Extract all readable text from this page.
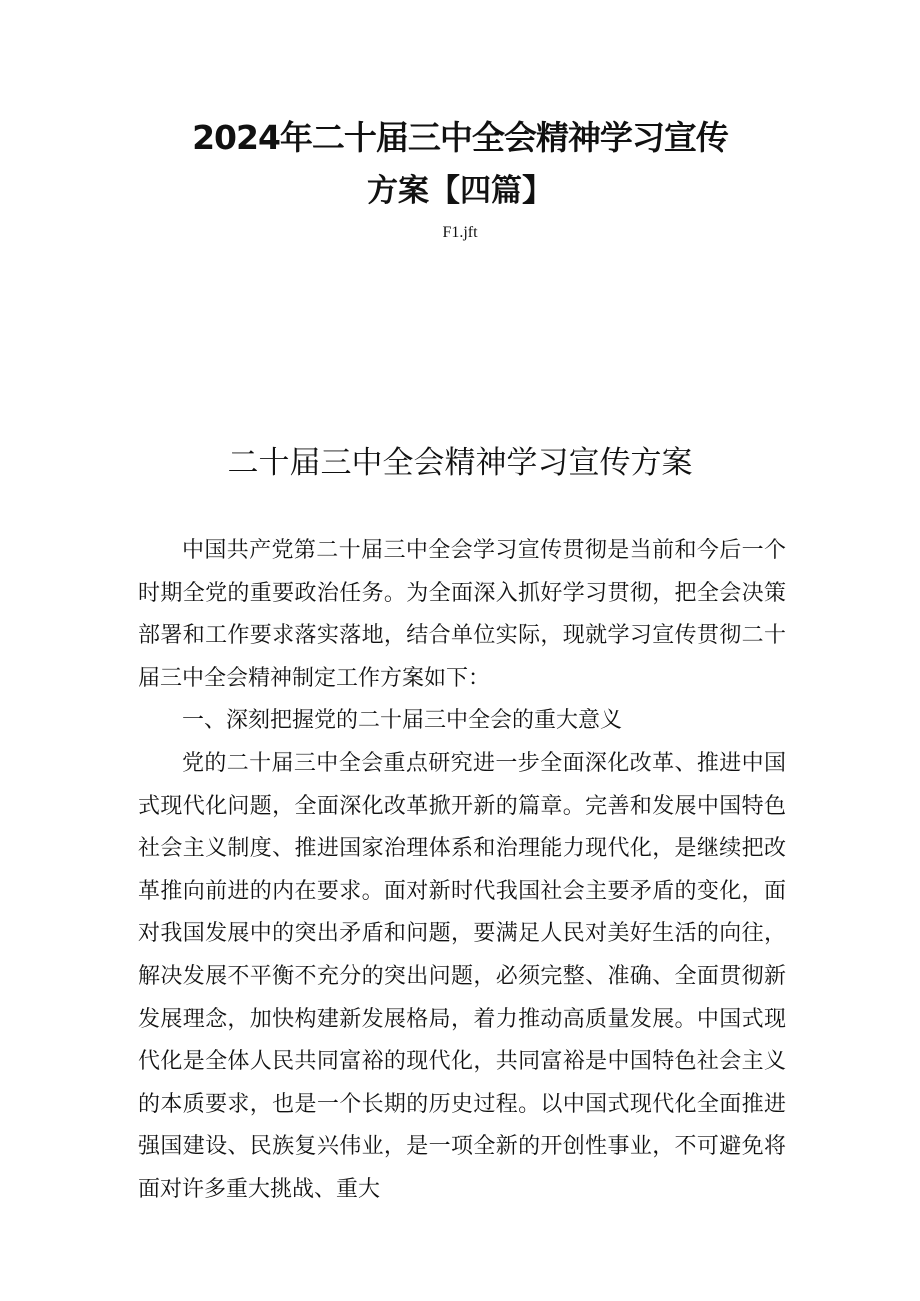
2024年二十届三中全会精神学习宣传
方案【四篇】
F1.jft
二十届三中全会精神学习宣传方案

中国共产党第二十届三中全会学习宣传贯彻是当前和今后一个时期全党的重要政治任务。为全面深入抓好学习贯彻，把全会决策部署和工作要求落实落地，结合单位实际，现就学习宣传贯彻二十届三中全会精神制定工作方案如下：

一、深刻把握党的二十届三中全会的重大意义

党的二十届三中全会重点研究进一步全面深化改革、推进中国式现代化问题，全面深化改革掀开新的篇章。完善和发展中国特色社会主义制度、推进国家治理体系和治理能力现代化，是继续把改革推向前进的内在要求。面对新时代我国社会主要矛盾的变化，面对我国发展中的突出矛盾和问题，要满足人民对美好生活的向往，解决发展不平衡不充分的突出问题，必须完整、准确、全面贯彻新发展理念，加快构建新发展格局，着力推动高质量发展。中国式现代化是全体人民共同富裕的现代化，共同富裕是中国特色社会主义的本质要求，也是一个长期的历史过程。以中国式现代化全面推进强国建设、民族复兴伟业，是一项全新的开创性事业，不可避免将面对许多重大挑战、重大
